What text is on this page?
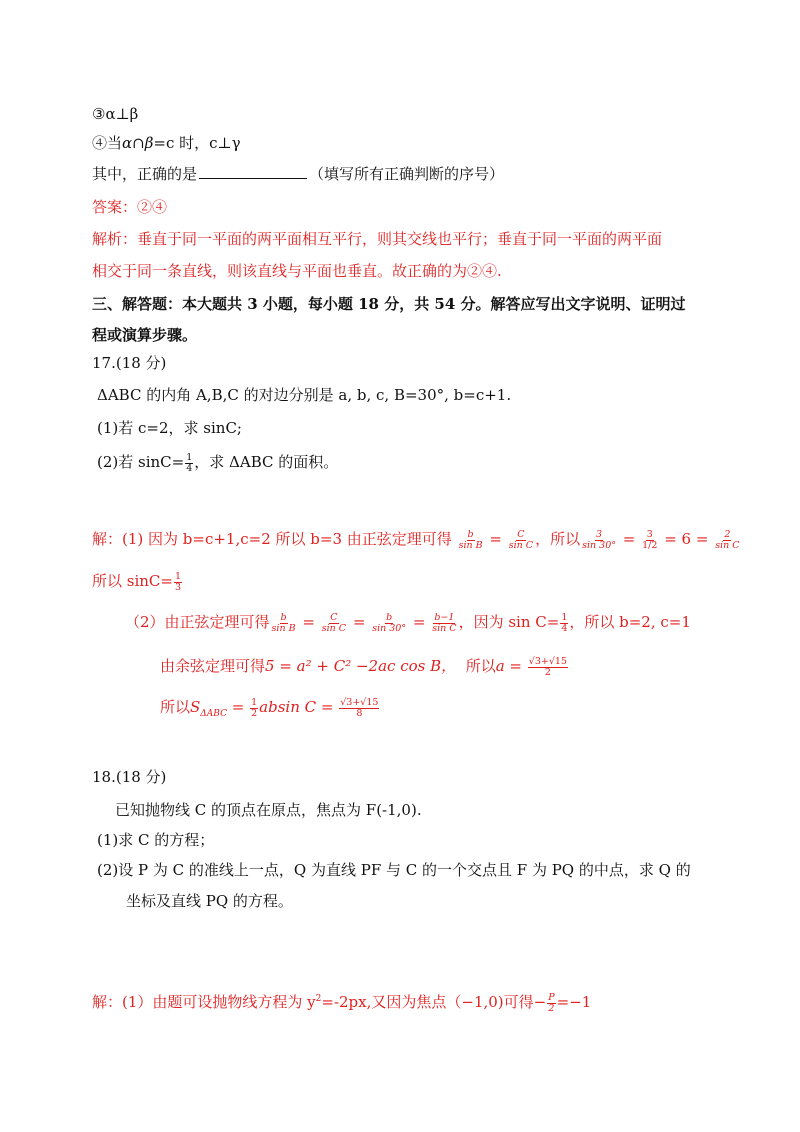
③α⊥β
④当α∩β=c 时，c⊥γ
其中，正确的是	（填写所有正确判断的序号）
答案：②④
解析：垂直于同一平面的两平面相互平行，则其交线也平行；垂直于同一平面的两平面
相交于同一条直线，则该直线与平面也垂直。故正确的为②④.
三、解答题：本大题共 3 小题，每小题 18 分，共 54 分。解答应写出文字说明、证明过
程或演算步骤。
17.(18 分)
ΔABC 的内角 A,B,C 的对边分别是 a, b, c, B=30°, b=c+1.
(1)若 c=2，求 sinC;
(2)若 $\sin C= \frac{1}{4}$ ，求 ΔABC 的面积。
解：(1) 因为 b=c+1,c=2 所以 b=3 由正弦定理可得 $\frac{b}{\text{sin B}} = \frac{C}{\text{sin C}}$ ，所以 $\frac{3}{\sin 30^\circ} = \frac{3}{1/2} = 6 = \frac{2}{\text{sin C}}$
所以 $\sin C= \frac{1}{3}$
（2）由正弦定理可得 $\frac{b}{\text{sin B}} = \frac{C}{\text{sin C}} = \frac{b}{\sin 30^\circ} = \frac{b-1}{\text{sin C}}$ ，因为 $\sin C= \frac{1}{4}$ ，所以 b=2, c=1
由余弦定理可得5 = a² + C² −2ac cos B， 所以$a = \frac{√3+√15}{2}$
所以$S_{\Delta ABC} = \frac{1}{2}$ absin $C = \frac{√3+√15}{8}$
18.(18 分)
已知抛物线 C 的顶点在原点，焦点为 F(-1,0).
(1)求 C 的方程；
(2)设 P 为 C 的准线上一点，Q 为直线 PF 与 C 的一个交点且 F 为 PQ 的中点，求 Q 的
坐标及直线 PQ 的方程。
解：(1）由题可设抛物线方程为 $y^2=-2px$,又因为焦点（−1,0)可得− $\frac{P}{2} =-1$
